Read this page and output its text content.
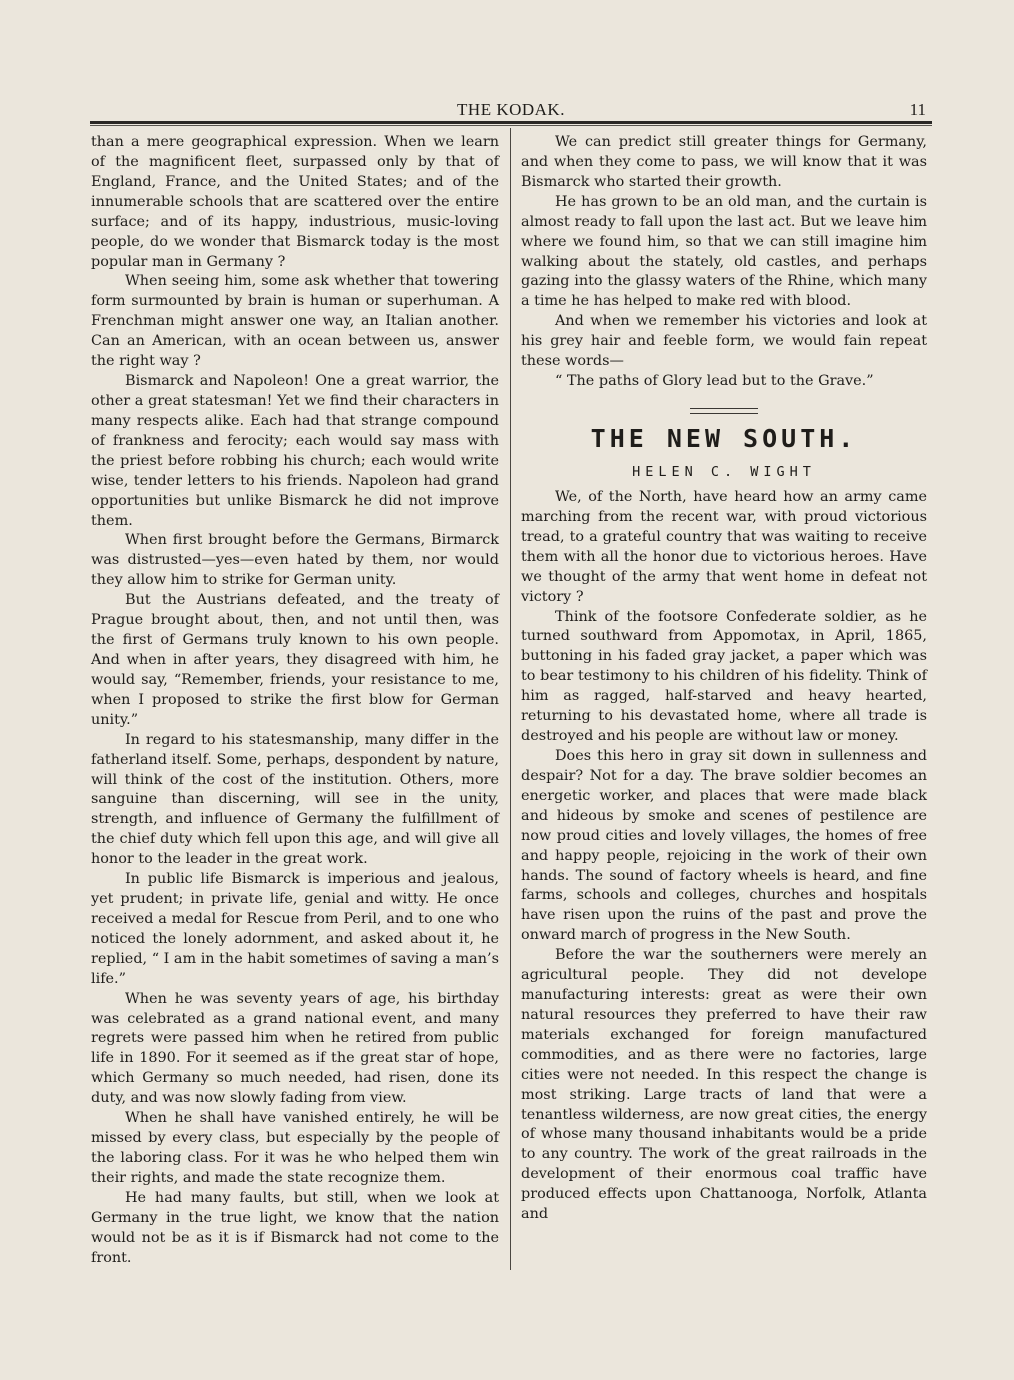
THE KODAK.	11

than a mere geographical expression. When we learn of the magnificent fleet, surpassed only by that of England, France, and the United States; and of the innumerable schools that are scattered over the entire surface; and of its happy, industrious, music-loving people, do we wonder that Bismarck today is the most popular man in Germany ?

When seeing him, some ask whether that towering form surmounted by brain is human or superhuman. A Frenchman might answer one way, an Italian another. Can an American, with an ocean between us, answer the right way ?

Bismarck and Napoleon! One a great warrior, the other a great statesman! Yet we find their characters in many respects alike. Each had that strange compound of frankness and ferocity; each would say mass with the priest before robbing his church; each would write wise, tender letters to his friends. Napoleon had grand opportunities but unlike Bismarck he did not improve them.

When first brought before the Germans, Birmarck was distrusted—yes—even hated by them, nor would they allow him to strike for German unity.

But the Austrians defeated, and the treaty of Prague brought about, then, and not until then, was the first of Germans truly known to his own people. And when in after years, they disagreed with him, he would say, “Remember, friends, your resistance to me, when I proposed to strike the first blow for German unity.”

In regard to his statesmanship, many differ in the fatherland itself. Some, perhaps, despondent by nature, will think of the cost of the institution. Others, more sanguine than discerning, will see in the unity, strength, and influence of Germany the fulfillment of the chief duty which fell upon this age, and will give all honor to the leader in the great work.

In public life Bismarck is imperious and jealous, yet prudent; in private life, genial and witty. He once received a medal for Rescue from Peril, and to one who noticed the lonely adornment, and asked about it, he replied, “ I am in the habit sometimes of saving a man’s life.”

When he was seventy years of age, his birthday was celebrated as a grand national event, and many regrets were passed him when he retired from public life in 1890. For it seemed as if the great star of hope, which Germany so much needed, had risen, done its duty, and was now slowly fading from view.

When he shall have vanished entirely, he will be missed by every class, but especially by the people of the laboring class. For it was he who helped them win their rights, and made the state recognize them.

He had many faults, but still, when we look at Germany in the true light, we know that the nation would not be as it is if Bismarck had not come to the front.

We can predict still greater things for Germany, and when they come to pass, we will know that it was Bismarck who started their growth.

He has grown to be an old man, and the curtain is almost ready to fall upon the last act. But we leave him where we found him, so that we can still imagine him walking about the stately, old castles, and perhaps gazing into the glassy waters of the Rhine, which many a time he has helped to make red with blood.

And when we remember his victories and look at his grey hair and feeble form, we would fain repeat these words—

“ The paths of Glory lead but to the Grave.”

THE NEW SOUTH.
HELEN C. WIGHT

We, of the North, have heard how an army came marching from the recent war, with proud victorious tread, to a grateful country that was waiting to receive them with all the honor due to victorious heroes. Have we thought of the army that went home in defeat not victory ?

Think of the footsore Confederate soldier, as he turned southward from Appomotax, in April, 1865, buttoning in his faded gray jacket, a paper which was to bear testimony to his children of his fidelity. Think of him as ragged, half-starved and heavy hearted, returning to his devastated home, where all trade is destroyed and his people are without law or money.

Does this hero in gray sit down in sullenness and despair? Not for a day. The brave soldier becomes an energetic worker, and places that were made black and hideous by smoke and scenes of pestilence are now proud cities and lovely villages, the homes of free and happy people, rejoicing in the work of their own hands. The sound of factory wheels is heard, and fine farms, schools and colleges, churches and hospitals have risen upon the ruins of the past and prove the onward march of progress in the New South.

Before the war the southerners were merely an agricultural people. They did not develope manufacturing interests: great as were their own natural resources they preferred to have their raw materials exchanged for foreign manufactured commodities, and as there were no factories, large cities were not needed. In this respect the change is most striking. Large tracts of land that were a tenantless wilderness, are now great cities, the energy of whose many thousand inhabitants would be a pride to any country. The work of the great railroads in the development of their enormous coal traffic have produced effects upon Chattanooga, Norfolk, Atlanta and
